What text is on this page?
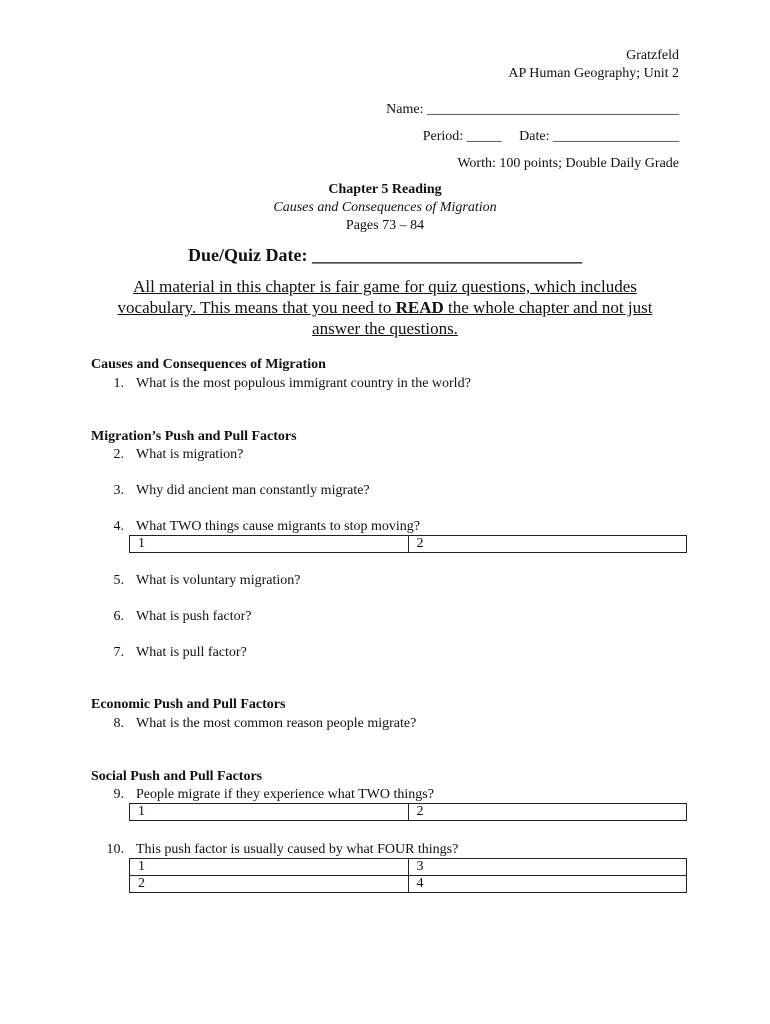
Gratzfeld
AP Human Geography; Unit 2
Name: ____________________________________
Period: _____ Date: __________________
Worth: 100 points; Double Daily Grade
Chapter 5 Reading
Causes and Consequences of Migration
Pages 73 – 84
Due/Quiz Date: ______________________________
All material in this chapter is fair game for quiz questions, which includes
vocabulary. This means that you need to READ the whole chapter and not just
answer the questions.
Causes and Consequences of Migration
1. What is the most populous immigrant country in the world?
Migration’s Push and Pull Factors
2. What is migration?
3. Why did ancient man constantly migrate?
4. What TWO things cause migrants to stop moving?
1	2
5. What is voluntary migration?
6. What is push factor?
7. What is pull factor?
Economic Push and Pull Factors
8. What is the most common reason people migrate?
Social Push and Pull Factors
9. People migrate if they experience what TWO things?
1	2
10. This push factor is usually caused by what FOUR things?
1	3
2	4
